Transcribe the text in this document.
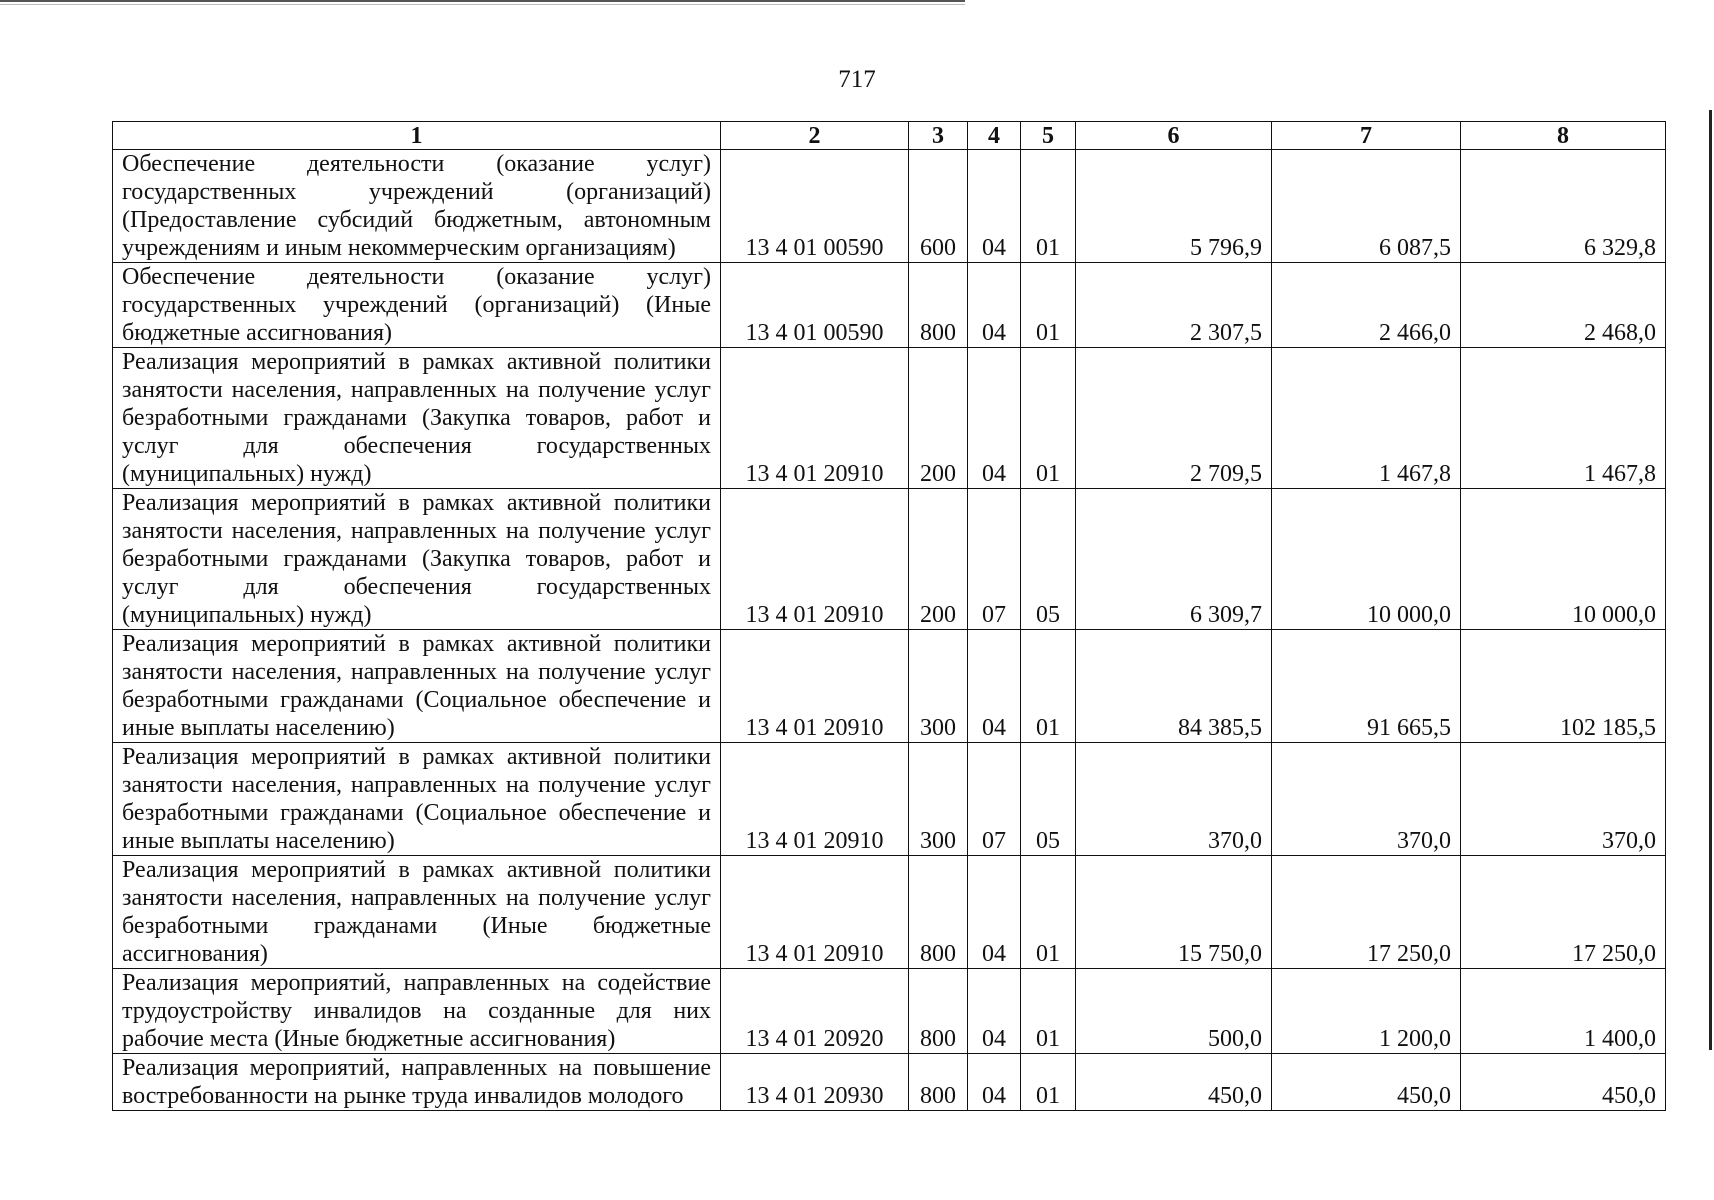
717
1	2	3	4	5	6	7	8

Обеспечение деятельности (оказание услуг)
государственных учреждений (организаций)
(Предоставление субсидий бюджетным, автономным
учреждениям и иным некоммерческим организациям)	13 4 01 00590	600	04	01	5 796,9	6 087,5	6 329,8

Обеспечение деятельности (оказание услуг)
государственных учреждений (организаций) (Иные
бюджетные ассигнования)	13 4 01 00590	800	04	01	2 307,5	2 466,0	2 468,0

Реализация мероприятий в рамках активной политики
занятости населения, направленных на получение услуг
безработными гражданами (Закупка товаров, работ и
услуг для обеспечения государственных
(муниципальных) нужд)	13 4 01 20910	200	04	01	2 709,5	1 467,8	1 467,8

Реализация мероприятий в рамках активной политики
занятости населения, направленных на получение услуг
безработными гражданами (Закупка товаров, работ и
услуг для обеспечения государственных
(муниципальных) нужд)	13 4 01 20910	200	07	05	6 309,7	10 000,0	10 000,0

Реализация мероприятий в рамках активной политики
занятости населения, направленных на получение услуг
безработными гражданами (Социальное обеспечение и
иные выплаты населению)	13 4 01 20910	300	04	01	84 385,5	91 665,5	102 185,5

Реализация мероприятий в рамках активной политики
занятости населения, направленных на получение услуг
безработными гражданами (Социальное обеспечение и
иные выплаты населению)	13 4 01 20910	300	07	05	370,0	370,0	370,0

Реализация мероприятий в рамках активной политики
занятости населения, направленных на получение услуг
безработными гражданами (Иные бюджетные
ассигнования)	13 4 01 20910	800	04	01	15 750,0	17 250,0	17 250,0

Реализация мероприятий, направленных на содействие
трудоустройству инвалидов на созданные для них
рабочие места (Иные бюджетные ассигнования)	13 4 01 20920	800	04	01	500,0	1 200,0	1 400,0

Реализация мероприятий, направленных на повышение
востребованности на рынке труда инвалидов молодого	13 4 01 20930	800	04	01	450,0	450,0	450,0
